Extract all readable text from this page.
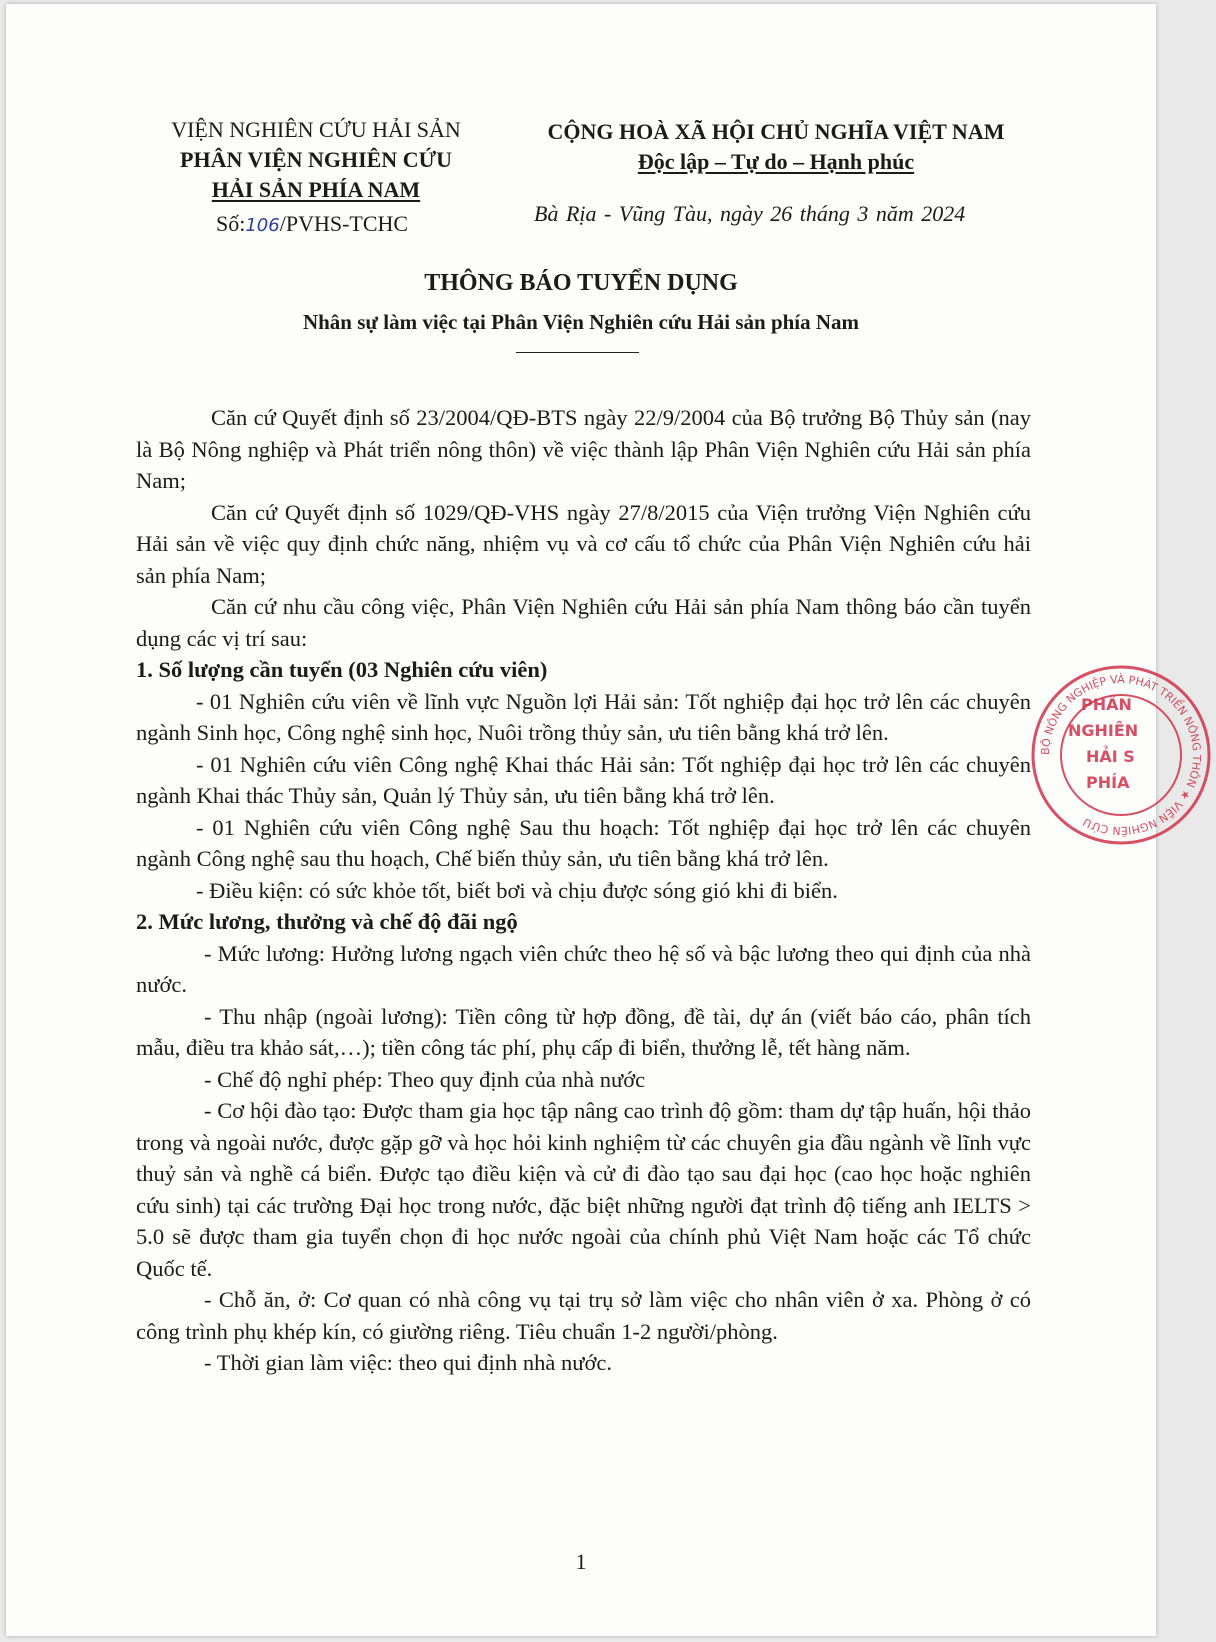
VIỆN NGHIÊN CỨU HẢI SẢN
PHÂN VIỆN NGHIÊN CỨU
HẢI SẢN PHÍA NAM
Số:106/PVHS-TCHC
CỘNG HOÀ XÃ HỘI CHỦ NGHĨA VIỆT NAM
Độc lập – Tự do – Hạnh phúc
Bà Rịa - Vũng Tàu, ngày 26 tháng 3 năm 2024
THÔNG BÁO TUYỂN DỤNG
Nhân sự làm việc tại Phân Viện Nghiên cứu Hải sản phía Nam

Căn cứ Quyết định số 23/2004/QĐ-BTS ngày 22/9/2004 của Bộ trưởng Bộ Thủy sản (nay là Bộ Nông nghiệp và Phát triển nông thôn) về việc thành lập Phân Viện Nghiên cứu Hải sản phía Nam;

Căn cứ Quyết định số 1029/QĐ-VHS ngày 27/8/2015 của Viện trưởng Viện Nghiên cứu Hải sản về việc quy định chức năng, nhiệm vụ và cơ cấu tổ chức của Phân Viện Nghiên cứu hải sản phía Nam;

Căn cứ nhu cầu công việc, Phân Viện Nghiên cứu Hải sản phía Nam thông báo cần tuyển dụng các vị trí sau:

1. Số lượng cần tuyển (03 Nghiên cứu viên)

- 01 Nghiên cứu viên về lĩnh vực Nguồn lợi Hải sản: Tốt nghiệp đại học trở lên các chuyên ngành Sinh học, Công nghệ sinh học, Nuôi trồng thủy sản, ưu tiên bằng khá trở lên.

- 01 Nghiên cứu viên Công nghệ Khai thác Hải sản: Tốt nghiệp đại học trở lên các chuyên ngành Khai thác Thủy sản, Quản lý Thủy sản, ưu tiên bằng khá trở lên.

- 01 Nghiên cứu viên Công nghệ Sau thu hoạch: Tốt nghiệp đại học trở lên các chuyên ngành Công nghệ sau thu hoạch, Chế biến thủy sản, ưu tiên bằng khá trở lên.

- Điều kiện: có sức khỏe tốt, biết bơi và chịu được sóng gió khi đi biển.

2. Mức lương, thưởng và chế độ đãi ngộ

- Mức lương: Hưởng lương ngạch viên chức theo hệ số và bậc lương theo qui định của nhà nước.

- Thu nhập (ngoài lương): Tiền công từ hợp đồng, đề tài, dự án (viết báo cáo, phân tích mẫu, điều tra khảo sát,…); tiền công tác phí, phụ cấp đi biển, thưởng lễ, tết hàng năm.

- Chế độ nghỉ phép: Theo quy định của nhà nước

- Cơ hội đào tạo: Được tham gia học tập nâng cao trình độ gồm: tham dự tập huấn, hội thảo trong và ngoài nước, được gặp gỡ và học hỏi kinh nghiệm từ các chuyên gia đầu ngành về lĩnh vực thuỷ sản và nghề cá biển. Được tạo điều kiện và cử đi đào tạo sau đại học (cao học hoặc nghiên cứu sinh) tại các trường Đại học trong nước, đặc biệt những người đạt trình độ tiếng anh IELTS > 5.0 sẽ được tham gia tuyển chọn đi học nước ngoài của chính phủ Việt Nam hoặc các Tổ chức Quốc tế.

- Chỗ ăn, ở: Cơ quan có nhà công vụ tại trụ sở làm việc cho nhân viên ở xa. Phòng ở có công trình phụ khép kín, có giường riêng. Tiêu chuẩn 1-2 người/phòng.

- Thời gian làm việc: theo qui định nhà nước.

BỘ NÔNG NGHIỆP VÀ PHÁT TRIỂN NÔNG THÔN ★ VIỆN NGHIÊN CỨU
PHÂN
NGHIÊN
HẢI S
PHÍA
1
